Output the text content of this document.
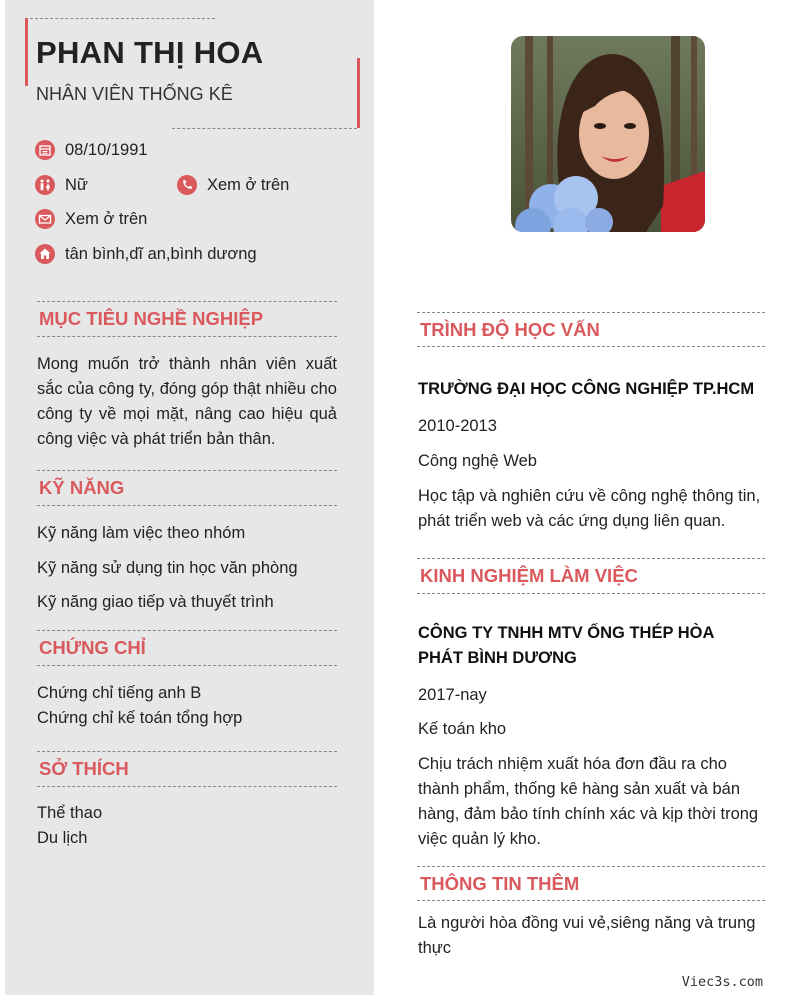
PHAN THỊ HOA
NHÂN VIÊN THỐNG KÊ
08/10/1991
Nữ	Xem ở trên
Xem ở trên
tân bình,dĩ an,bình dương
MỤC TIÊU NGHỀ NGHIỆP
Mong muốn trở thành nhân viên xuất sắc của công ty, đóng góp thật nhiều cho công ty về mọi mặt, nâng cao hiệu quả công việc và phát triển bản thân.
KỸ NĂNG
Kỹ năng làm việc theo nhóm
Kỹ năng sử dụng tin học văn phòng
Kỹ năng giao tiếp và thuyết trình
CHỨNG CHỈ
Chứng chỉ tiếng anh B
Chứng chỉ kế toán tổng hợp
SỞ THÍCH
Thể thao
Du lịch
TRÌNH ĐỘ HỌC VẤN
TRƯỜNG ĐẠI HỌC CÔNG NGHIỆP TP.HCM
2010-2013
Công nghệ Web
Học tập và nghiên cứu về công nghệ thông tin, phát triển web và các ứng dụng liên quan.
KINH NGHIỆM LÀM VIỆC
CÔNG TY TNHH MTV ỐNG THÉP HÒA PHÁT BÌNH DƯƠNG
2017-nay
Kế toán kho
Chịu trách nhiệm xuất hóa đơn đầu ra cho thành phẩm, thống kê hàng sản xuất và bán hàng, đảm bảo tính chính xác và kịp thời trong việc quản lý kho.
THÔNG TIN THÊM
Là người hòa đồng vui vẻ,siêng năng và trung thực
Viec3s.com
